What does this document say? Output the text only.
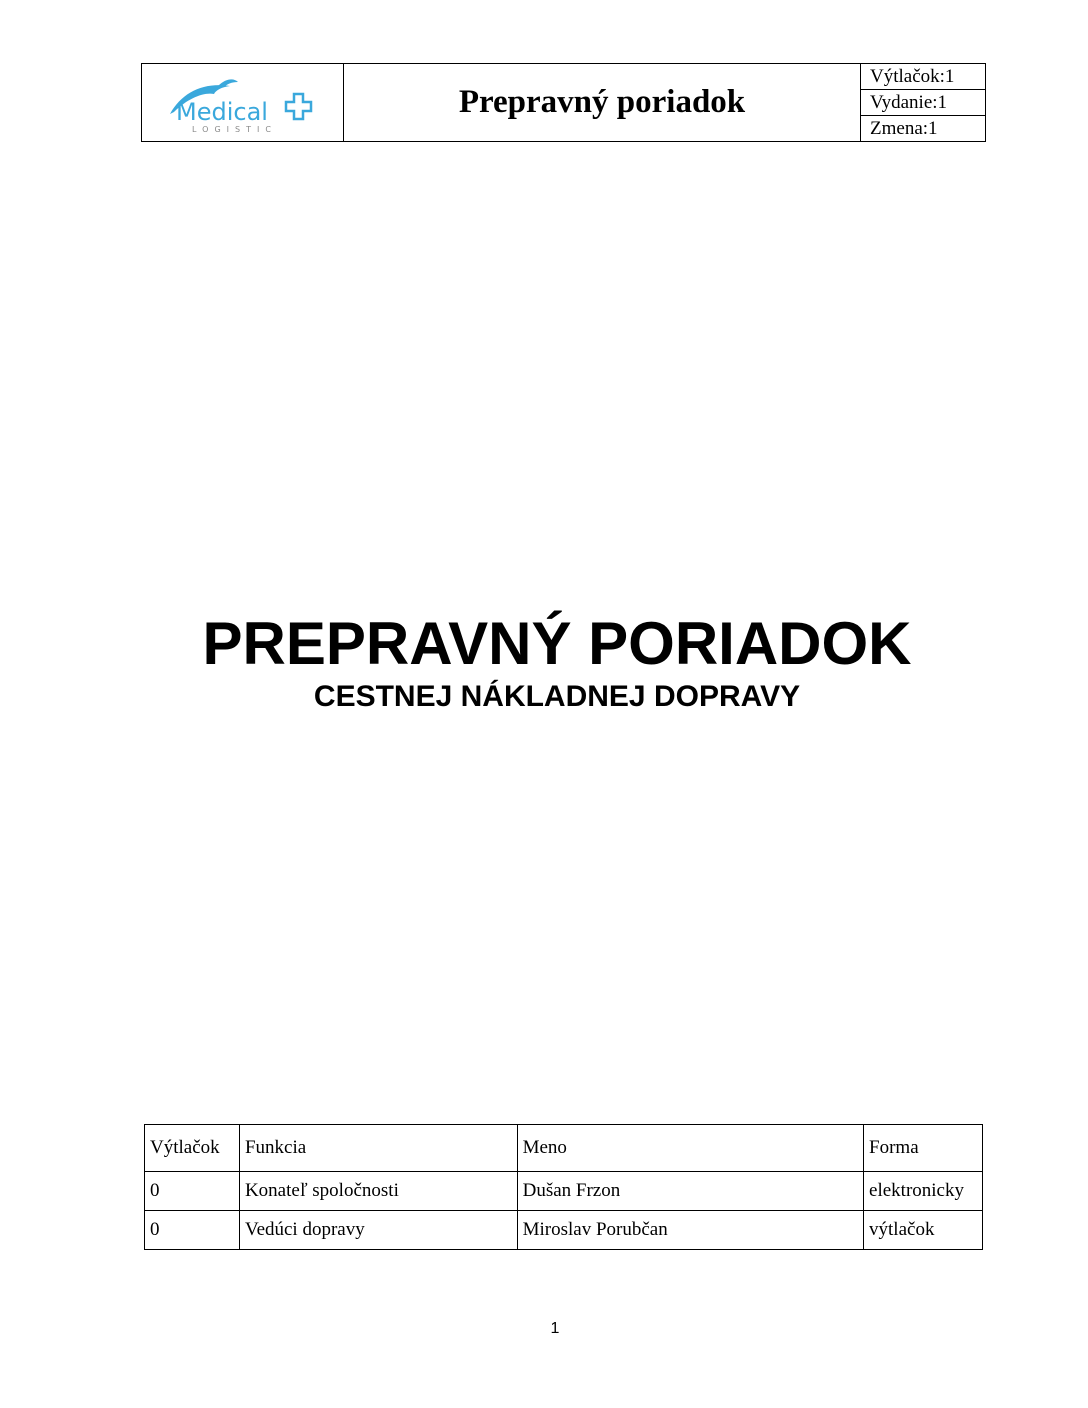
Medical
LOGISTIC
Prepravný poriadok
Výtlačok:1
Vydanie:1
Zmena:1
PREPRAVNÝ PORIADOK
CESTNEJ NÁKLADNEJ DOPRAVY
Výtlačok	Funkcia	Meno	Forma
0	Konateľ spoločnosti	Dušan Frzon	elektronicky
0	Vedúci dopravy	Miroslav Porubčan	výtlačok
1
